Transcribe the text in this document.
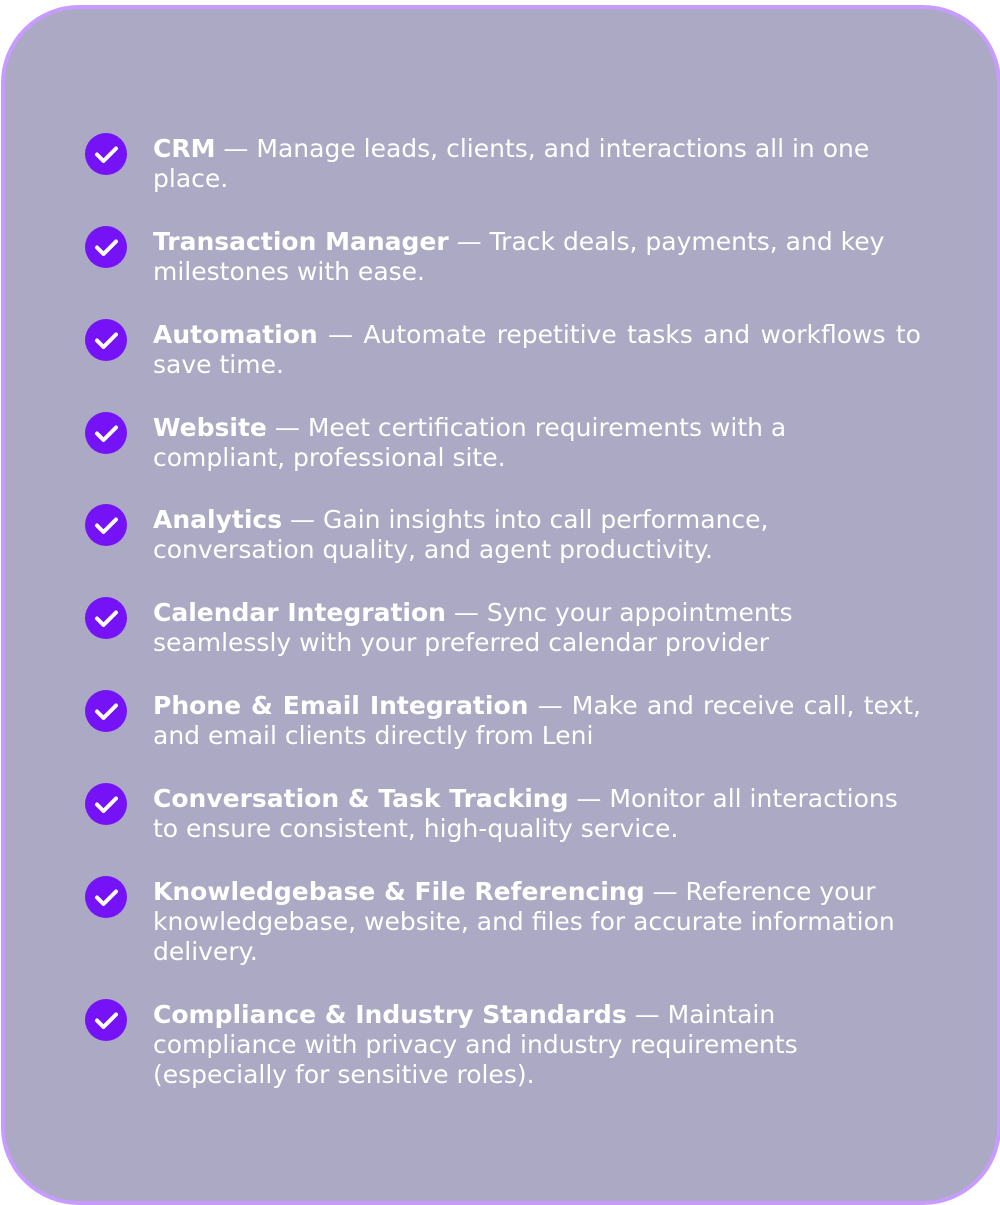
CRM — Manage leads, clients, and interactions all in one place.
Transaction Manager — Track deals, payments, and key milestones with ease.
Automation — Automate repetitive tasks and workflows to save time.
Website — Meet certification requirements with a compliant, professional site.
Analytics — Gain insights into call performance, conversation quality, and agent productivity.
Calendar Integration — Sync your appointments seamlessly with your preferred calendar provider
Phone & Email Integration — Make and receive call, text, and email clients directly from Leni
Conversation & Task Tracking — Monitor all interactions to ensure consistent, high-quality service.
Knowledgebase & File Referencing — Reference your knowledgebase, website, and files for accurate information delivery.
Compliance & Industry Standards — Maintain compliance with privacy and industry requirements (especially for sensitive roles).
